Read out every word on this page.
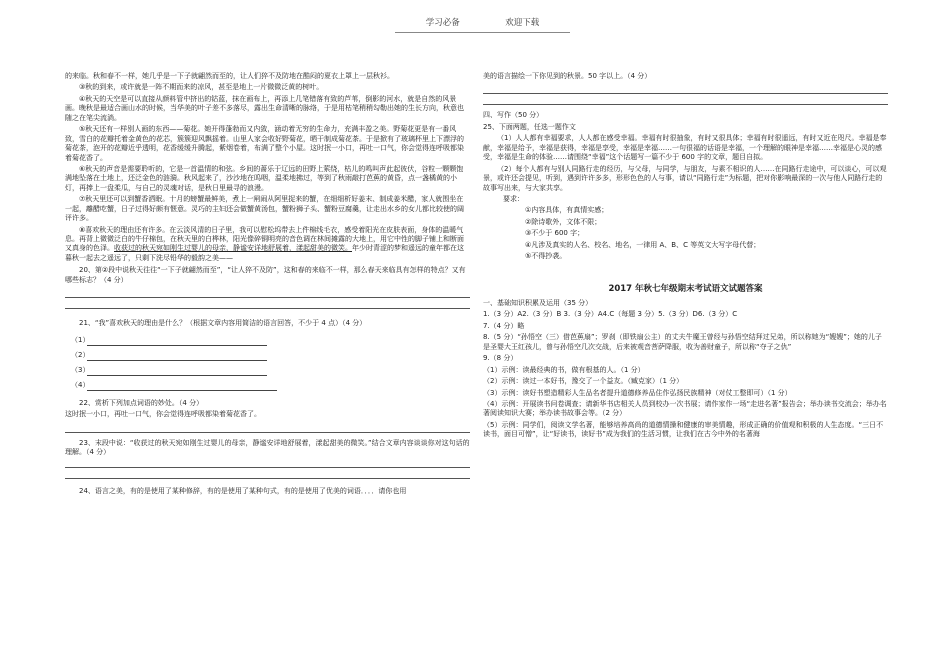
学习必备	欢迎下载

的来临。秋和春不一样，她几乎是一下子就翩然而至的，让人们猝不及防地在酷闷的夏衣上罩上一层秋衫。

③秋的到来，或许就是一阵不期而来的凉风，甚至是地上一片微微泛黄的树叶。

④秋天的天空是可以直接从颜料管中挤出的钴蓝，抹在画布上，再添上几笔错落有致的芦苇，倒影的河水，就是自然的风景画。晚秋是最适合画山水的时候，当华美的叶子差不多落尽，露出生命清晰的脉络，于是用枯笔稍稍勾勒出她的生长方向，秋意也随之在笔尖流淌。

⑤秋天还有一样别人画的东西——菊花。她开得蓬勃而又内敛，涵动着无穷的生命力，充满丰盈之美。野菊花更是有一番风致，雪白的花瓣托着金黄色的花芯，簇簇迎风飘摇着。山里人家会收好野菊花，晒干制成菊花茶。于是掀有了玻璃杯里上下漂浮的菊花茶，泡开的花瓣近乎透明，花香缓缓升腾起，紫烟卷着，布满了整个小屋。这时抿一小口，再吐一口气，你会觉得连呼吸都染着菊花香了。

⑥秋天的声音是需要聆听的，它是一首温情的和弦。乡间的蔷乐于辽远的田野上萦绕，枯儿的鸣叫声此起彼伏，谷粒一颗颗饱满地坠落在土地上，还泛金色的涟漪。秋风起来了，沙沙地在呜咽，温柔地拂过，等到了秋雨敲打芭蕉的黄昏，点一盏橘黄的小灯，再捧上一盘柔瓜，与自己的灵魂对话，是秋日里最寻的浪漫。

⑦秋天里还可以到蟹香洒眠。十月的螃蟹最鲜美，煮上一闸闹从阿里捉来的蟹，在细细析好姜末、制成姜米醋，家人就围坐在一起，離醋吃蟹，日子过得好颇有惬意。灵巧的主妇还会做蟹黄汤包，蟹粉狮子头、蟹粉豆腐羹，让走出水乡的女儿都比较使的阔评许多。

⑧喜欢秋天的理由还有许多。在云淡风清的日子里，我可以慰松坞带去上件棉线毛衣，感受着阳光在皮肤表面，身体的温暖气息。再背上微微泛白的牛仔棉包，在秋天里的白桦林，阳光像碎铜明亮的音色调在林间摊露的大地上，用它中性的脚子铺上和断面又真身的色泽。收获过的秋天宛如刚生过婴儿的母亲，静谧安详地舒展着，漾起甜美的微笑。年少时青涩的梦和遥远的童年都在这暮秋一起去之遥远了，只剩下洗尽铅华的毅韵之美——

20、第②段中说秋天往往“一下子就翩然而至”，“让人猝不及防”，这和春的来临不一样，那么春天来临具有怎样的特点？又有哪些标志？（4 分）

21、“我”喜欢秋天的理由是什么？（根据文章内容用简洁的语言回答，不少于 4 点）（4 分）

（1）
（2）
（3）
（4）

22、赏析下列加点词语的妙处。（4 分）

这时抿一小口，再吐一口气，你会觉得连呼吸都染着菊花香了。

23、末段中说：“收获过的秋天宛如刚生过婴儿的母亲，静谧安详地舒展着，漾起甜美的微笑。”结合文章内容谈谈你对这句话的理解。（4 分）

24、语言之美，有的是使用了某种修辞，有的是使用了某种句式，有的是使用了优美的词语．．．．请你也用

美的语言描绘一下你见到的秋景。50 字以上。（4 分）

四、写作（50 分）

25、下面两题，任选一题作文

（1）人人都有幸福要求，人人都在感受幸福。幸福有时很抽象，有时又很具体；幸福有时很遥远，有时又近在咫尺。幸福是奉献，幸福是给予，幸福是获得，幸福是享受，幸福是幸福……一句很福的话语是幸福，一个理解的眼神是幸福……幸福是心灵的感受，幸福是生命的体验……请围绕“幸福”这个话题写一篇不少于 600 字的文章，题目自拟。

（2）每个人都有与别人同路行走的经历，与父母，与同学，与朋友，与素不相识的人……在同路行走途中，可以谈心，可以观景，或许还会提见，听到，遇到许许多多，形形色色的人与事，请以“同路行走”为标题，把对你影响最深的一次与他人同路行走的故事写出来，与大家共享。

要求：

①内容具体，有真情实感；

②除诗歌外，文体不限；

③不少于 600 字；

④凡涉及真实的人名、校名、地名，一律用 A、B、C 等英文大写字母代替；

⑤不得抄袭。

2017 年秋七年级期末考试语文试题答案

一、基础知识积累及运用（35 分）

1.（3 分）A2.（3 分）B 3.（3 分）A4.C（每题 3 分）5.（3 分）D6.（3 分）C

7.（4 分）略

8.（5 分）“孙悟空（三）借芭蕉扇”；罗刹（即铁扇公主）的丈夫牛魔王曾经与孙悟空结拜过兄弟，所以称她为“嫂嫂”；她的儿子是圣婴大王红孩儿，曾与孙悟空几次交战，后来被观音菩萨降服，收为善财童子，所以称“夺子之仇”

9.（8 分）

（1）示例：读最经典的书，做有根基的人。（1 分）

（2）示例：读过一本好书，豫交了一个益友。（臧克家）（1 分）

（3）示例：读好书塑造精彩人生品名者提升道德修养品住作弘扬民族精神（对仗工整即可）（1 分）

（4）示例：开展读书问卷调查；请新华书店相关人员到校办一次书展；请作家作一场“走进名著”报告会；举办读书交流会；举办名著阅读知识大赛；举办读书故事会等。（2 分）

（5）示例：同学们，阅读文学名著，能够培养高尚的道德情操和健康的审美情趣，形成正确的价值观和积极的人生态度。“三日不读书，面目可憎”，让“好读书，读好书”成为我们的生活习惯，让我们在古今中外的名著海
